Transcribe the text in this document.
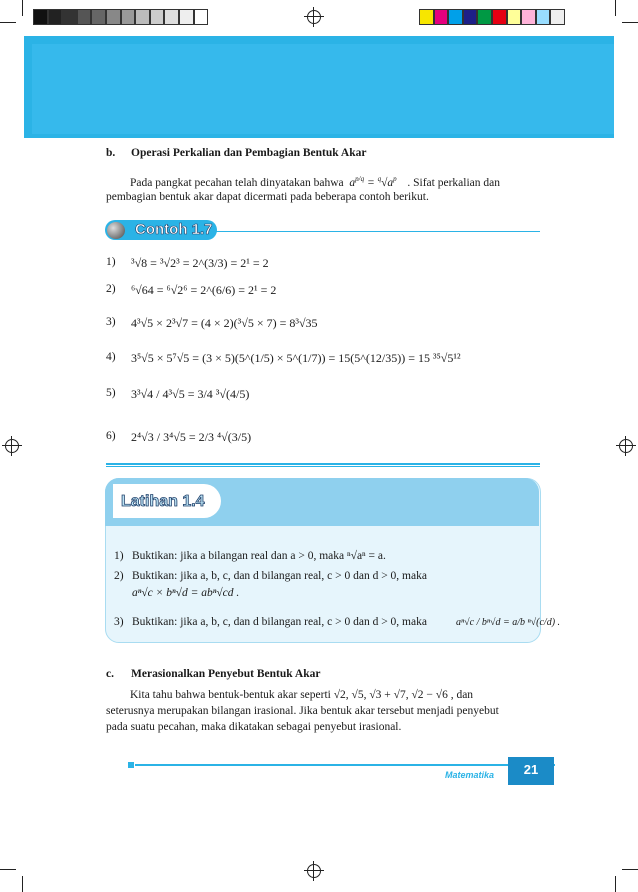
b. Operasi Perkalian dan Pembagian Bentuk Akar
Pada pangkat pecahan telah dinyatakan bahwa  $a^{p/q} = ^q√a^p$ . Sifat perkalian dan
pembagian bentuk akar dapat dicermati pada beberapa contoh berikut.
Contoh 1.7
1) ³√8 = ³√2³ = 2^(3/3) = 2¹ = 2
2) ⁶√64 = ⁶√2⁶ = 2^(6/6) = 2¹ = 2
3) 4³√5 × 2³√7 = (4 × 2)(³√5 × 7) = 8³√35
4) 3⁵√5 × 5⁷√5 = (3 × 5)(5^(1/5) × 5^(1/7)) = 15(5^(12/35)) = 15 ³⁵√5¹²
5) 3³√4 / 4³√5 = 3/4 ³√(4/5)
6) 2⁴√3 / 3⁴√5 = 2/3 ⁴√(3/5)
Latihan 1.4
1) Buktikan: jika a bilangan real dan a > 0, maka ⁿ√aⁿ = a.
2) Buktikan: jika a, b, c, dan d bilangan real, c > 0 dan d > 0, maka
aⁿ√c × bⁿ√d = abⁿ√cd .
3) Buktikan: jika a, b, c, dan d bilangan real, c > 0 dan d > 0, maka	aⁿ√c / bⁿ√d = a/b ⁿ√(c/d) .
c. Merasionalkan Penyebut Bentuk Akar
Kita tahu bahwa bentuk-bentuk akar seperti √2, √5, √3 + √7, √2 − √6 , dan
seterusnya merupakan bilangan irasional. Jika bentuk akar tersebut menjadi penyebut
pada suatu pecahan, maka dikatakan sebagai penyebut irasional.
Matematika	21
